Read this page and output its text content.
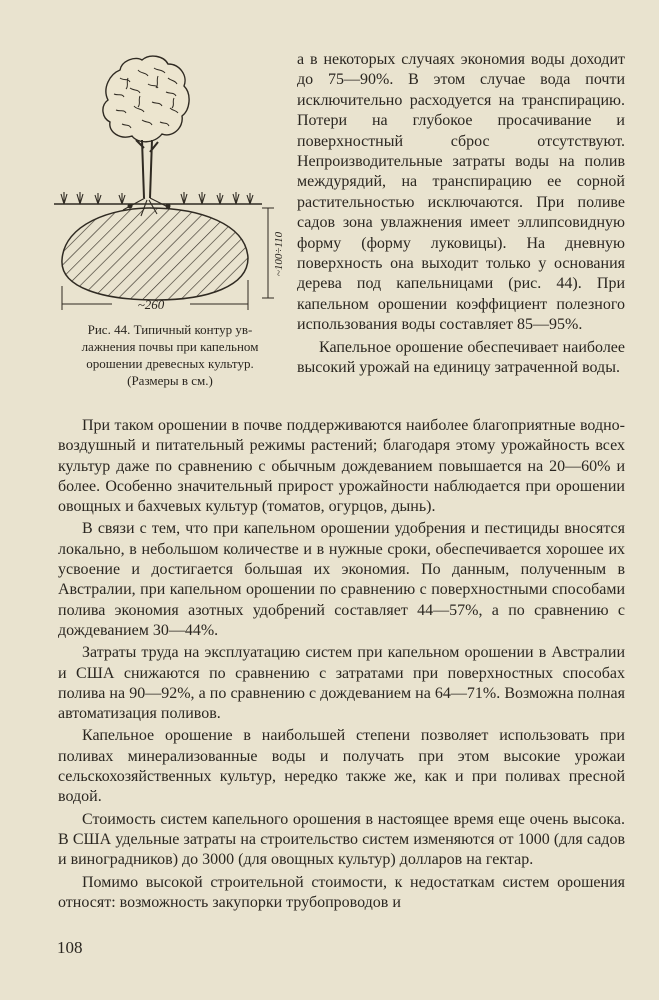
~100÷110
~260
Рис. 44. Типичный контур ув-
лажнения почвы при капельном
орошении древесных культур.
(Размеры в см.)

а в некоторых случаях экономия воды доходит до 75—90%. В этом случае вода почти исключительно расходуется на транспирацию. Потери на глубокое просачивание и поверхностный сброс отсутствуют. Непроизводительные затраты воды на полив междурядий, на транспирацию ее сорной растительностью исключаются. При поливе садов зона увлажнения имеет эллипсовидную форму (форму луковицы). На дневную поверхность она выходит только у основания дерева под капельницами (рис. 44). При капельном орошении коэффициент полезного использования воды составляет 85—95%.

Капельное орошение обеспечивает наиболее высокий урожай на единицу затраченной воды.

При таком орошении в почве поддерживаются наиболее благоприятные водно-воздушный и питательный режимы растений; благодаря этому урожайность всех культур даже по сравнению с обычным дождеванием повышается на 20—60% и более. Особенно значительный прирост урожайности наблюдается при орошении овощных и бахчевых культур (томатов, огурцов, дынь).

В связи с тем, что при капельном орошении удобрения и пестициды вносятся локально, в небольшом количестве и в нужные сроки, обеспечивается хорошее их усвоение и достигается большая их экономия. По данным, полученным в Австралии, при капельном орошении по сравнению с поверхностными способами полива экономия азотных удобрений составляет 44—57%, а по сравнению с дождеванием 30—44%.

Затраты труда на эксплуатацию систем при капельном орошении в Австралии и США снижаются по сравнению с затратами при поверхностных способах полива на 90—92%, а по сравнению с дождеванием на 64—71%. Возможна полная автоматизация поливов.

Капельное орошение в наибольшей степени позволяет использовать при поливах минерализованные воды и получать при этом высокие урожаи сельскохозяйственных культур, нередко также же, как и при поливах пресной водой.

Стоимость систем капельного орошения в настоящее время еще очень высока. В США удельные затраты на строительство систем изменяются от 1000 (для садов и виноградников) до 3000 (для овощных культур) долларов на гектар.

Помимо высокой строительной стоимости, к недостаткам систем орошения относят: возможность закупорки трубопроводов и

108
